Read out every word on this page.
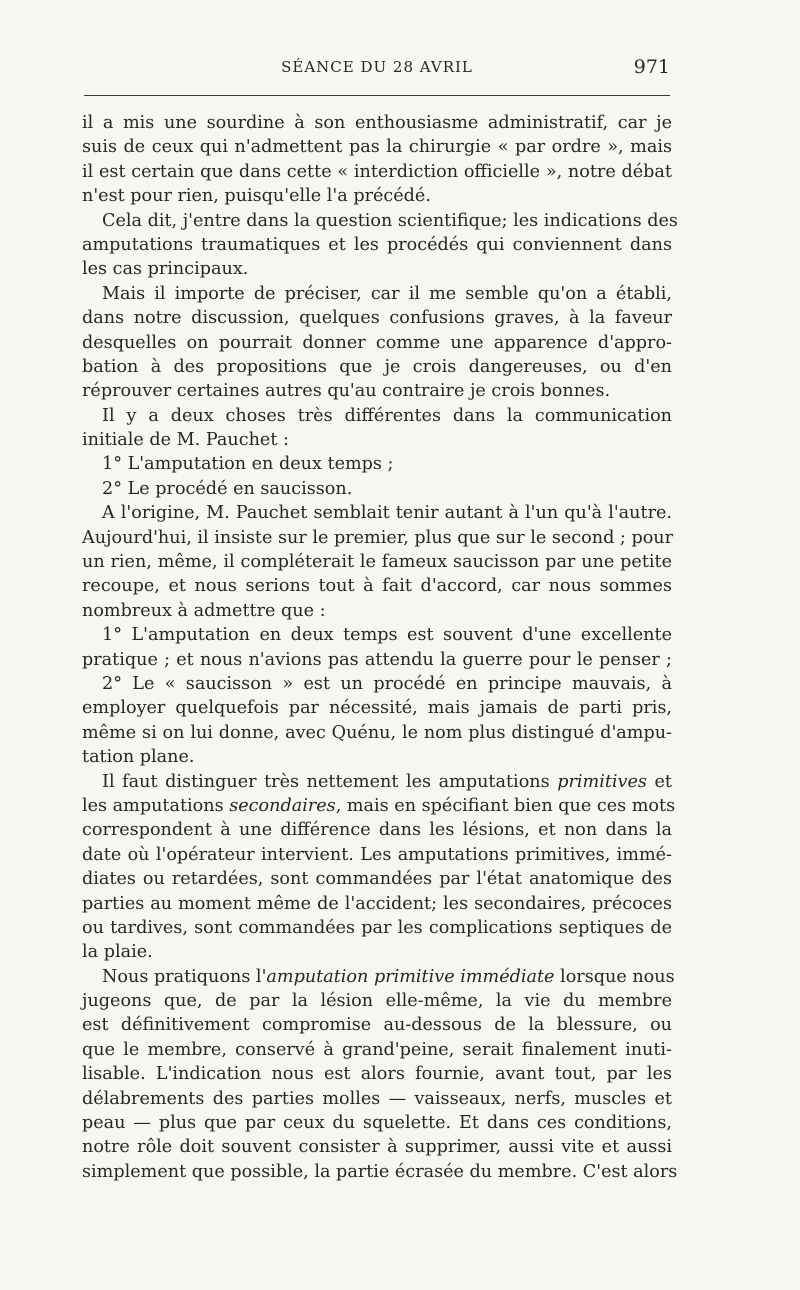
SÉANCE DU 28 AVRIL	971
il a mis une sourdine à son enthousiasme administratif, car je
suis de ceux qui n'admettent pas la chirurgie « par ordre », mais
il est certain que dans cette « interdiction officielle », notre débat
n'est pour rien, puisqu'elle l'a précédé.
Cela dit, j'entre dans la question scientifique; les indications des
amputations traumatiques et les procédés qui conviennent dans
les cas principaux.
Mais il importe de préciser, car il me semble qu'on a établi,
dans notre discussion, quelques confusions graves, à la faveur
desquelles on pourrait donner comme une apparence d'appro-
bation à des propositions que je crois dangereuses, ou d'en
réprouver certaines autres qu'au contraire je crois bonnes.
Il y a deux choses très différentes dans la communication
initiale de M. Pauchet :
1° L'amputation en deux temps ;
2° Le procédé en saucisson.
A l'origine, M. Pauchet semblait tenir autant à l'un qu'à l'autre.
Aujourd'hui, il insiste sur le premier, plus que sur le second ; pour
un rien, même, il compléterait le fameux saucisson par une petite
recoupe, et nous serions tout à fait d'accord, car nous sommes
nombreux à admettre que :
1° L'amputation en deux temps est souvent d'une excellente
pratique ; et nous n'avions pas attendu la guerre pour le penser ;
2° Le « saucisson » est un procédé en principe mauvais, à
employer quelquefois par nécessité, mais jamais de parti pris,
même si on lui donne, avec Quénu, le nom plus distingué d'ampu-
tation plane.
Il faut distinguer très nettement les amputations primitives et
les amputations secondaires, mais en spécifiant bien que ces mots
correspondent à une différence dans les lésions, et non dans la
date où l'opérateur intervient. Les amputations primitives, immé-
diates ou retardées, sont commandées par l'état anatomique des
parties au moment même de l'accident; les secondaires, précoces
ou tardives, sont commandées par les complications septiques de
la plaie.
Nous pratiquons l'amputation primitive immédiate lorsque nous
jugeons que, de par la lésion elle-même, la vie du membre
est définitivement compromise au-dessous de la blessure, ou
que le membre, conservé à grand'peine, serait finalement inuti-
lisable. L'indication nous est alors fournie, avant tout, par les
délabrements des parties molles — vaisseaux, nerfs, muscles et
peau — plus que par ceux du squelette. Et dans ces conditions,
notre rôle doit souvent consister à supprimer, aussi vite et aussi
simplement que possible, la partie écrasée du membre. C'est alors
